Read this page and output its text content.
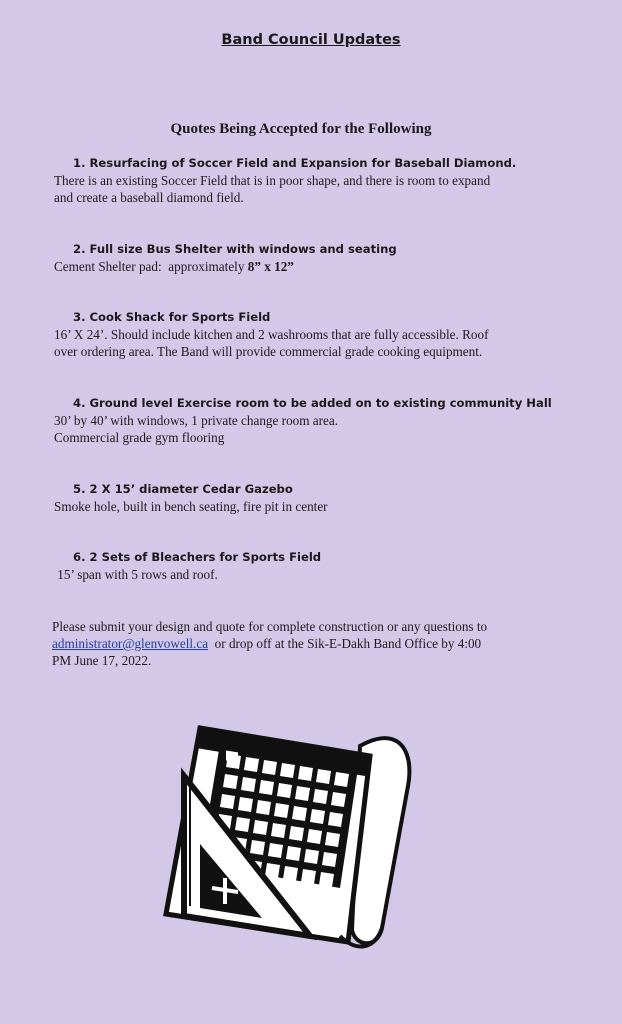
Band Council Updates
Quotes Being Accepted for the Following
1. Resurfacing of Soccer Field and Expansion for Baseball Diamond.
There is an existing Soccer Field that is in poor shape, and there is room to expand
and create a baseball diamond field.
2. Full size Bus Shelter with windows and seating
Cement Shelter pad:  approximately 8” x 12”
3. Cook Shack for Sports Field
16’ X 24’. Should include kitchen and 2 washrooms that are fully accessible. Roof
over ordering area. The Band will provide commercial grade cooking equipment.
4. Ground level Exercise room to be added on to existing community Hall
30’ by 40’ with windows, 1 private change room area.
Commercial grade gym flooring
5. 2 X 15’ diameter Cedar Gazebo
Smoke hole, built in bench seating, fire pit in center
6. 2 Sets of Bleachers for Sports Field
15’ span with 5 rows and roof.
Please submit your design and quote for complete construction or any questions to
administrator@glenvowell.ca  or drop off at the Sik-E-Dakh Band Office by 4:00
PM June 17, 2022.
